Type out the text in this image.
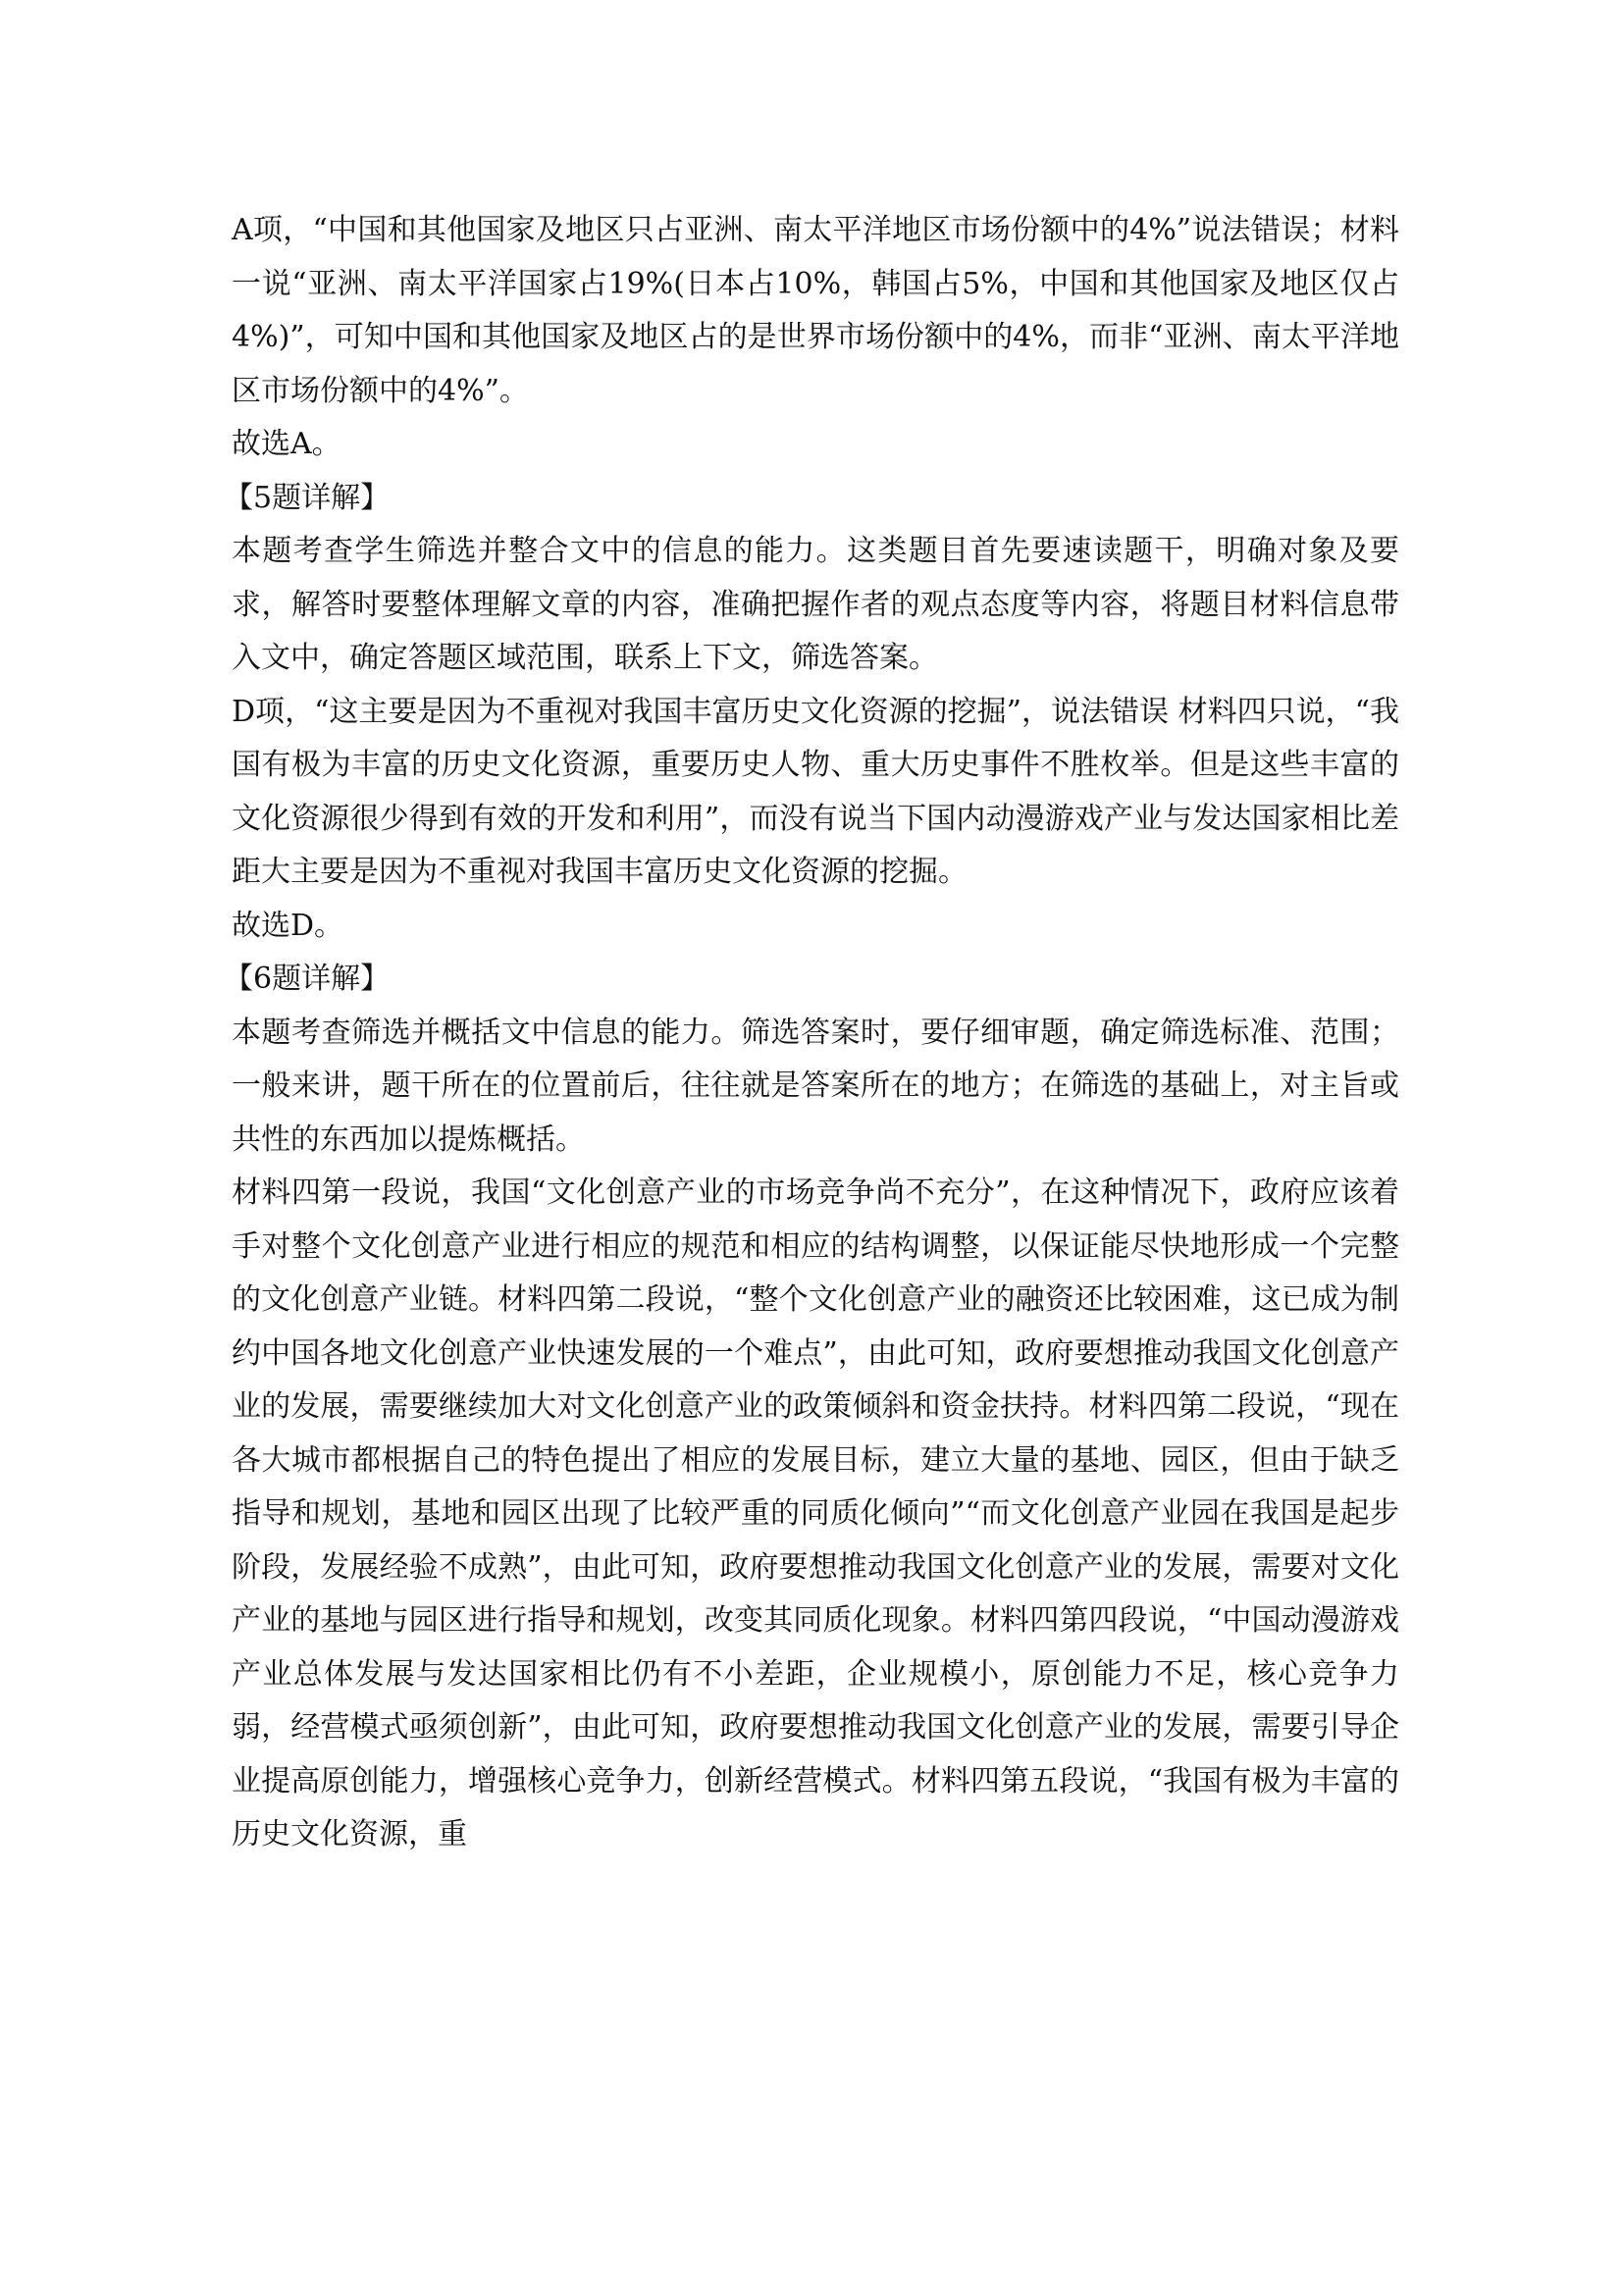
A项，“中国和其他国家及地区只占亚洲、南太平洋地区市场份额中的4%”说法错误；材料一说“亚洲、南太平洋国家占19%(日本占10%，韩国占5%，中国和其他国家及地区仅占4%)”，可知中国和其他国家及地区占的是世界市场份额中的4%，而非“亚洲、南太平洋地区市场份额中的4%”。

故选A。

【5题详解】

本题考查学生筛选并整合文中的信息的能力。这类题目首先要速读题干，明确对象及要求，解答时要整体理解文章的内容，准确把握作者的观点态度等内容，将题目材料信息带入文中，确定答题区域范围，联系上下文，筛选答案。

D项，“这主要是因为不重视对我国丰富历史文化资源的挖掘”，说法错误 材料四只说，“我国有极为丰富的历史文化资源，重要历史人物、重大历史事件不胜枚举。但是这些丰富的文化资源很少得到有效的开发和利用”，而没有说当下国内动漫游戏产业与发达国家相比差距大主要是因为不重视对我国丰富历史文化资源的挖掘。

故选D。

【6题详解】

本题考查筛选并概括文中信息的能力。筛选答案时，要仔细审题，确定筛选标准、范围；一般来讲，题干所在的位置前后，往往就是答案所在的地方；在筛选的基础上，对主旨或共性的东西加以提炼概括。

材料四第一段说，我国“文化创意产业的市场竞争尚不充分”，在这种情况下，政府应该着手对整个文化创意产业进行相应的规范和相应的结构调整，以保证能尽快地形成一个完整的文化创意产业链。材料四第二段说，“整个文化创意产业的融资还比较困难，这已成为制约中国各地文化创意产业快速发展的一个难点”，由此可知，政府要想推动我国文化创意产业的发展，需要继续加大对文化创意产业的政策倾斜和资金扶持。材料四第二段说，“现在各大城市都根据自己的特色提出了相应的发展目标，建立大量的基地、园区，但由于缺乏指导和规划，基地和园区出现了比较严重的同质化倾向”“而文化创意产业园在我国是起步阶段，发展经验不成熟”，由此可知，政府要想推动我国文化创意产业的发展，需要对文化产业的基地与园区进行指导和规划，改变其同质化现象。材料四第四段说，“中国动漫游戏产业总体发展与发达国家相比仍有不小差距，企业规模小，原创能力不足，核心竞争力弱，经营模式亟须创新”，由此可知，政府要想推动我国文化创意产业的发展，需要引导企业提高原创能力，增强核心竞争力，创新经营模式。材料四第五段说，“我国有极为丰富的历史文化资源，重
